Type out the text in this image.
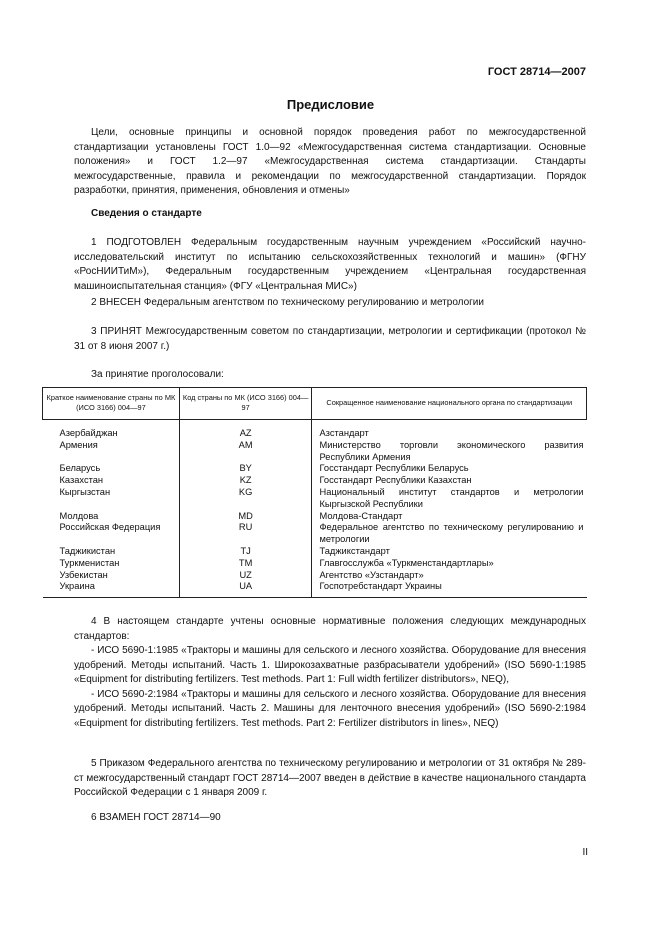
ГОСТ 28714—2007
Предисловие

Цели, основные принципы и основной порядок проведения работ по межгосударственной стандартизации установлены ГОСТ 1.0—92 «Межгосударственная система стандартизации. Основные положения» и ГОСТ 1.2—97 «Межгосударственная система стандартизации. Стандарты межгосударственные, правила и рекомендации по межгосударственной стандартизации. Порядок разработки, принятия, применения, обновления и отмены»

Сведения о стандарте

1 ПОДГОТОВЛЕН Федеральным государственным научным учреждением «Российский научно-исследовательский институт по испытанию сельскохозяйственных технологий и машин» (ФГНУ «РосНИИТиМ»), Федеральным государственным учреждением «Центральная государственная машиноиспытательная станция» (ФГУ «Центральная МИС»)

2 ВНЕСЕН Федеральным агентством по техническому регулированию и метрологии

3 ПРИНЯТ Межгосударственным советом по стандартизации, метрологии и сертификации (протокол № 31 от 8 июня 2007 г.)

За принятие проголосовали:

Краткое наименование страны по МК (ИСО 3166) 004—97	Код страны по МК (ИСО 3166) 004—97	Сокращенное наименование национального органа по стандартизации
Азербайджан	AZ	Азстандарт
Армения	AM	Министерство торговли экономического развития Республики Армения
Беларусь	BY	Госстандарт Республики Беларусь
Казахстан	KZ	Госстандарт Республики Казахстан
Кыргызстан	KG	Национальный институт стандартов и метрологии Кыргызской Республики
Молдова	MD	Молдова-Стандарт
Российская Федерация	RU	Федеральное агентство по техническому регулированию и метрологии
Таджикистан	TJ	Таджикстандарт
Туркменистан	TM	Главгосслужба «Туркменстандартлары»
Узбекистан	UZ	Агентство «Узстандарт»
Украина	UA	Госпотребстандарт Украины

4 В настоящем стандарте учтены основные нормативные положения следующих международных стандартов:

- ИСО 5690-1:1985 «Тракторы и машины для сельского и лесного хозяйства. Оборудование для внесения удобрений. Методы испытаний. Часть 1. Широкозахватные разбрасыватели удобрений» (ISO 5690-1:1985 «Equipment for distributing fertilizers. Test methods. Part 1: Full width fertilizer distributors», NEQ),

- ИСО 5690-2:1984 «Тракторы и машины для сельского и лесного хозяйства. Оборудование для внесения удобрений. Методы испытаний. Часть 2. Машины для ленточного внесения удобрений» (ISO 5690-2:1984 «Equipment for distributing fertilizers. Test methods. Part 2: Fertilizer distributors in lines», NEQ)

5 Приказом Федерального агентства по техническому регулированию и метрологии от 31 октября № 289-ст межгосударственный стандарт ГОСТ 28714—2007 введен в действие в качестве национального стандарта Российской Федерации с 1 января 2009 г.

6 ВЗАМЕН ГОСТ 28714—90

II
